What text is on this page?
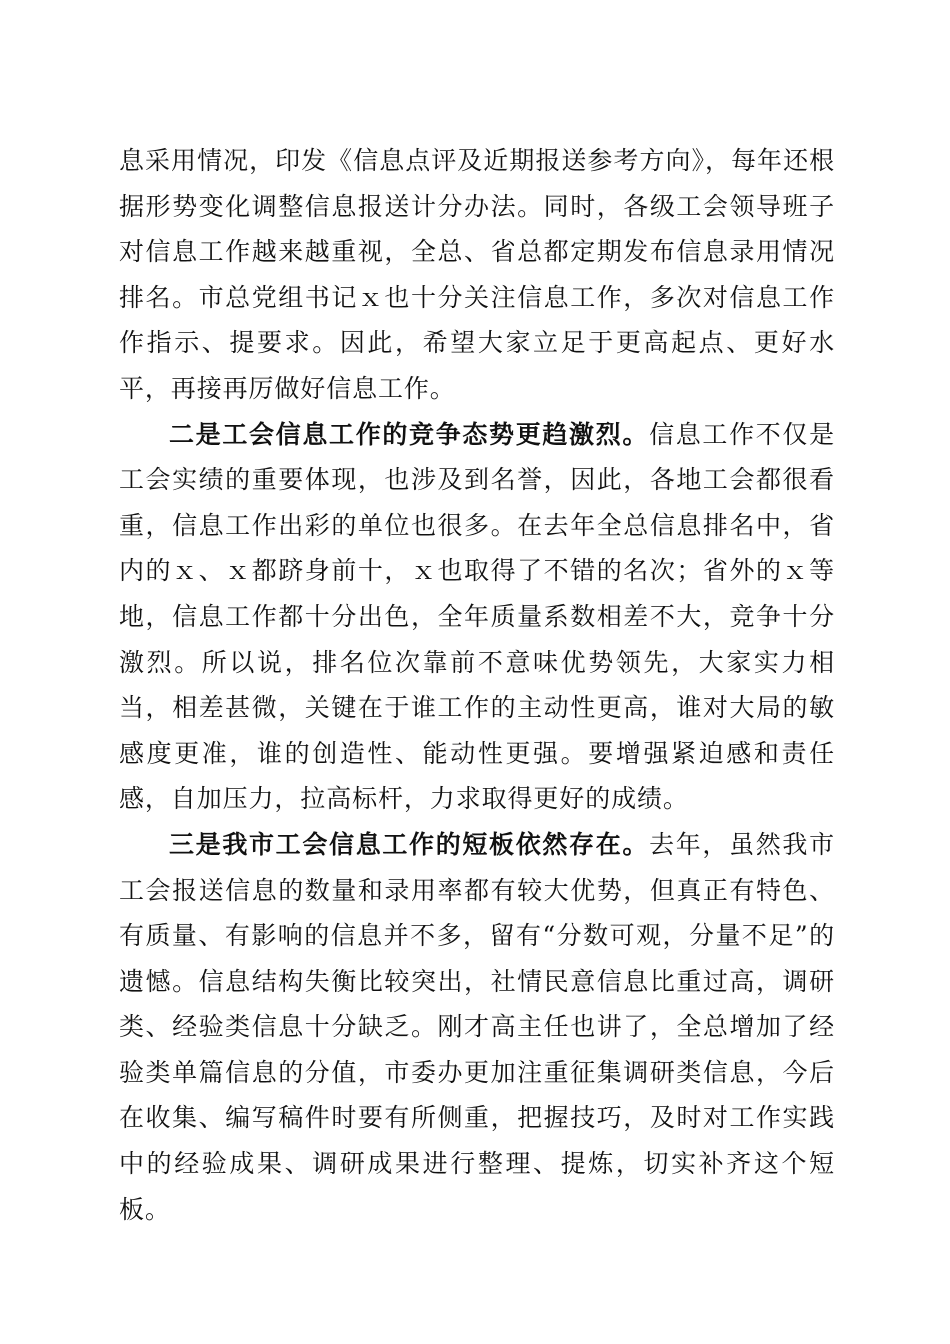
息采用情况，印发《信息点评及近期报送参考方向》，每年还根据形势变化调整信息报送计分办法。同时，各级工会领导班子对信息工作越来越重视，全总、省总都定期发布信息录用情况排名。市总党组书记ｘ也十分关注信息工作，多次对信息工作作指示、提要求。因此，希望大家立足于更高起点、更好水平，再接再厉做好信息工作。

二是工会信息工作的竞争态势更趋激烈。信息工作不仅是工会实绩的重要体现，也涉及到名誉，因此，各地工会都很看重，信息工作出彩的单位也很多。在去年全总信息排名中，省内的ｘ、ｘ都跻身前十，ｘ也取得了不错的名次；省外的ｘ等地，信息工作都十分出色，全年质量系数相差不大，竞争十分激烈。所以说，排名位次靠前不意味优势领先，大家实力相当，相差甚微，关键在于谁工作的主动性更高，谁对大局的敏感度更准，谁的创造性、能动性更强。要增强紧迫感和责任感，自加压力，拉高标杆，力求取得更好的成绩。

三是我市工会信息工作的短板依然存在。去年，虽然我市工会报送信息的数量和录用率都有较大优势，但真正有特色、有质量、有影响的信息并不多，留有“分数可观，分量不足”的遗憾。信息结构失衡比较突出，社情民意信息比重过高，调研类、经验类信息十分缺乏。刚才高主任也讲了，全总增加了经验类单篇信息的分值，市委办更加注重征集调研类信息，今后在收集、编写稿件时要有所侧重，把握技巧，及时对工作实践中的经验成果、调研成果进行整理、提炼，切实补齐这个短板。
